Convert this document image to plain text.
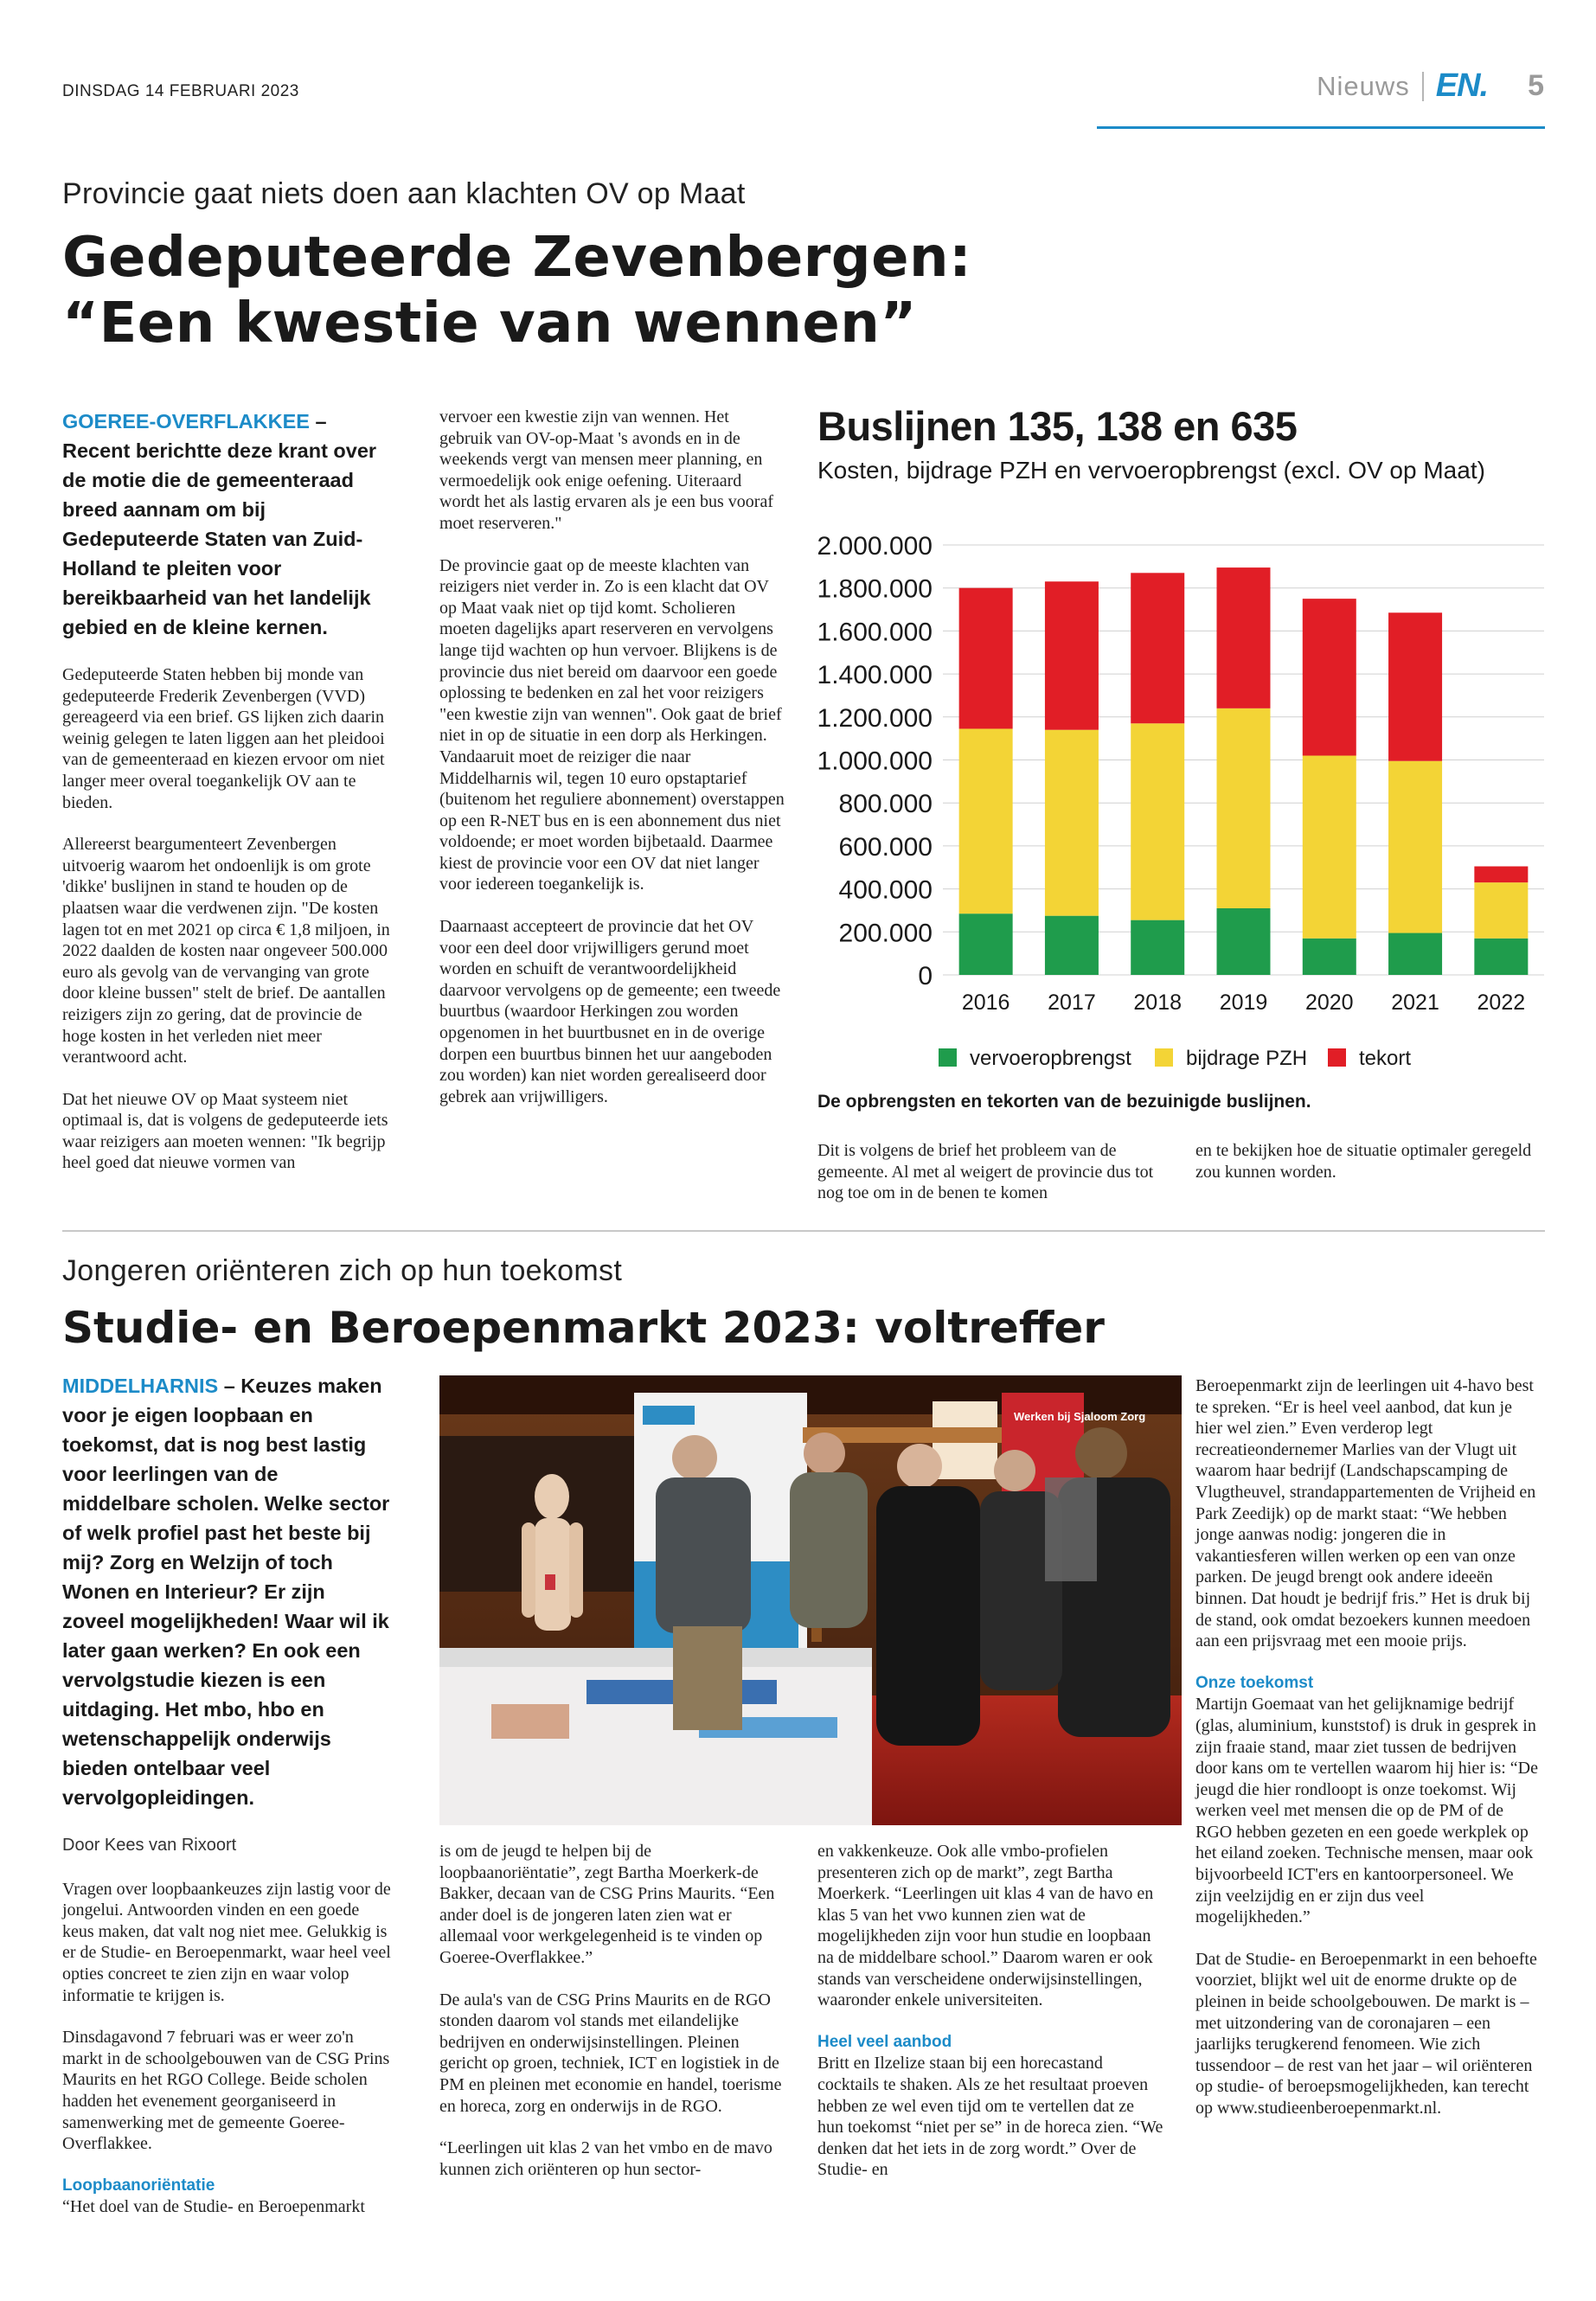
DINSDAG 14 FEBRUARI 2023	Nieuws EN. 5
Provincie gaat niets doen aan klachten OV op Maat
Gedeputeerde Zevenbergen:
“Een kwestie van wennen”
GOEREE-OVERFLAKKEE – Recent berichtte deze krant over de motie die de gemeenteraad breed aannam om bij Gedeputeerde Staten van Zuid-Holland te pleiten voor bereikbaarheid van het landelijk gebied en de kleine kernen.

Gedeputeerde Staten hebben bij monde van gedeputeerde Frederik Zevenbergen (VVD) gereageerd via een brief. GS lijken zich daarin weinig gelegen te laten liggen aan het pleidooi van de gemeenteraad en kiezen ervoor om niet langer meer overal toegankelijk OV aan te bieden.

Allereerst beargumenteert Zevenbergen uitvoerig waarom het ondoenlijk is om grote 'dikke' buslijnen in stand te houden op de plaatsen waar die verdwenen zijn. "De kosten lagen tot en met 2021 op circa € 1,8 miljoen, in 2022 daalden de kosten naar ongeveer 500.000 euro als gevolg van de vervanging van grote door kleine bussen" stelt de brief. De aantallen reizigers zijn zo gering, dat de provincie de hoge kosten in het verleden niet meer verantwoord acht.

Dat het nieuwe OV op Maat systeem niet optimaal is, dat is volgens de gedeputeerde iets waar reizigers aan moeten wennen: "Ik begrijp heel goed dat nieuwe vormen van

vervoer een kwestie zijn van wennen. Het gebruik van OV-op-Maat 's avonds en in de weekends vergt van mensen meer planning, en vermoedelijk ook enige oefening. Uiteraard wordt het als lastig ervaren als je een bus vooraf moet reserveren."

De provincie gaat op de meeste klachten van reizigers niet verder in. Zo is een klacht dat OV op Maat vaak niet op tijd komt. Scholieren moeten dagelijks apart reserveren en vervolgens lange tijd wachten op hun vervoer. Blijkens is de provincie dus niet bereid om daarvoor een goede oplossing te bedenken en zal het voor reizigers "een kwestie zijn van wennen". Ook gaat de brief niet in op de situatie in een dorp als Herkingen. Vandaaruit moet de reiziger die naar Middelharnis wil, tegen 10 euro opstaptarief (buitenom het reguliere abonnement) overstappen op een R-NET bus en is een abonnement dus niet voldoende; er moet worden bijbetaald. Daarmee kiest de provincie voor een OV dat niet langer voor iedereen toegankelijk is.

Daarnaast accepteert de provincie dat het OV voor een deel door vrijwilligers gerund moet worden en schuift de verantwoordelijkheid daarvoor vervolgens op de gemeente; een tweede buurtbus (waardoor Herkingen zou worden opgenomen in het buurtbusnet en in de overige dorpen een buurtbus binnen het uur aangeboden zou worden) kan niet worden gerealiseerd door gebrek aan vrijwilligers.

Buslijnen 135, 138 en 635
Kosten, bijdrage PZH en vervoeropbrengst (excl. OV op Maat)
0
200.000
400.000
600.000
800.000
1.000.000
1.200.000
1.400.000
1.600.000
1.800.000
2.000.000
2016 2017 2018 2019 2020 2021 2022
vervoeropbrengst	bijdrage PZH tekort
De opbrengsten en tekorten van de bezuinigde buslijnen.

Dit is volgens de brief het probleem van de gemeente. Al met al weigert de provincie dus tot nog toe om in de benen te komen

en te bekijken hoe de situatie optimaler geregeld zou kunnen worden.

Jongeren oriënteren zich op hun toekomst
Studie- en Beroepenmarkt 2023: voltreffer
MIDDELHARNIS – Keuzes maken voor je eigen loopbaan en toekomst, dat is nog best lastig voor leerlingen van de middelbare scholen. Welke sector of welk profiel past het beste bij mij? Zorg en Welzijn of toch Wonen en Interieur? Er zijn zoveel mogelijkheden! Waar wil ik later gaan werken? En ook een vervolgstudie kiezen is een uitdaging. Het mbo, hbo en wetenschappelijk onderwijs bieden ontelbaar veel vervolgopleidingen.

Door Kees van Rixoort

Vragen over loopbaankeuzes zijn lastig voor de jongelui. Antwoorden vinden en een goede keus maken, dat valt nog niet mee. Gelukkig is er de Studie- en Beroepenmarkt, waar heel veel opties concreet te zien zijn en waar volop informatie te krijgen is.

Dinsdagavond 7 februari was er weer zo'n markt in de schoolgebouwen van de CSG Prins Maurits en het RGO College. Beide scholen hadden het evenement georganiseerd in samenwerking met de gemeente Goeree-Overflakkee.

Loopbaanoriëntatie
“Het doel van de Studie- en Beroepenmarkt
Werken bij Sjaloom Zorg

is om de jeugd te helpen bij de loopbaanoriëntatie”, zegt Bartha Moerkerk-de Bakker, decaan van de CSG Prins Maurits. “Een ander doel is de jongeren laten zien wat er allemaal voor werkgelegenheid is te vinden op Goeree-Overflakkee.”

De aula's van de CSG Prins Maurits en de RGO stonden daarom vol stands met eilandelijke bedrijven en onderwijsinstellingen. Pleinen gericht op groen, techniek, ICT en logistiek in de PM en pleinen met economie en handel, toerisme en horeca, zorg en onderwijs in de RGO.

“Leerlingen uit klas 2 van het vmbo en de mavo kunnen zich oriënteren op hun sector-

en vakkenkeuze. Ook alle vmbo-profielen presenteren zich op de markt”, zegt Bartha Moerkerk. “Leerlingen uit klas 4 van de havo en klas 5 van het vwo kunnen zien wat de mogelijkheden zijn voor hun studie en loopbaan na de middelbare school.” Daarom waren er ook stands van verscheidene onderwijsinstellingen, waaronder enkele universiteiten.

Heel veel aanbod
Britt en Ilzelize staan bij een horecastand cocktails te shaken. Als ze het resultaat proeven hebben ze wel even tijd om te vertellen dat ze hun toekomst “niet per se” in de horeca zien. “We denken dat het iets in de zorg wordt.” Over de Studie- en

Beroepenmarkt zijn de leerlingen uit 4-havo best te spreken. “Er is heel veel aanbod, dat kun je hier wel zien.” Even verderop legt recreatieondernemer Marlies van der Vlugt uit waarom haar bedrijf (Landschapscamping de Vlugtheuvel, strandappartementen de Vrijheid en Park Zeedijk) op de markt staat: “We hebben jonge aanwas nodig: jongeren die in vakantiesferen willen werken op een van onze parken. De jeugd brengt ook andere ideeën binnen. Dat houdt je bedrijf fris.” Het is druk bij de stand, ook omdat bezoekers kunnen meedoen aan een prijsvraag met een mooie prijs.

Onze toekomst

Martijn Goemaat van het gelijknamige bedrijf (glas, aluminium, kunststof) is druk in gesprek in zijn fraaie stand, maar ziet tussen de bedrijven door kans om te vertellen waarom hij hier is: “De jeugd die hier rondloopt is onze toekomst. Wij werken veel met mensen die op de PM of de RGO hebben gezeten en een goede werkplek op het eiland zoeken. Technische mensen, maar ook bijvoorbeeld ICT'ers en kantoorpersoneel. We zijn veelzijdig en er zijn dus veel mogelijkheden.”

Dat de Studie- en Beroepenmarkt in een behoefte voorziet, blijkt wel uit de enorme drukte op de pleinen in beide schoolgebouwen. De markt is – met uitzondering van de coronajaren – een jaarlijks terugkerend fenomeen. Wie zich tussendoor – de rest van het jaar – wil oriënteren op studie- of beroepsmogelijkheden, kan terecht op www.studieenberoepenmarkt.nl.
